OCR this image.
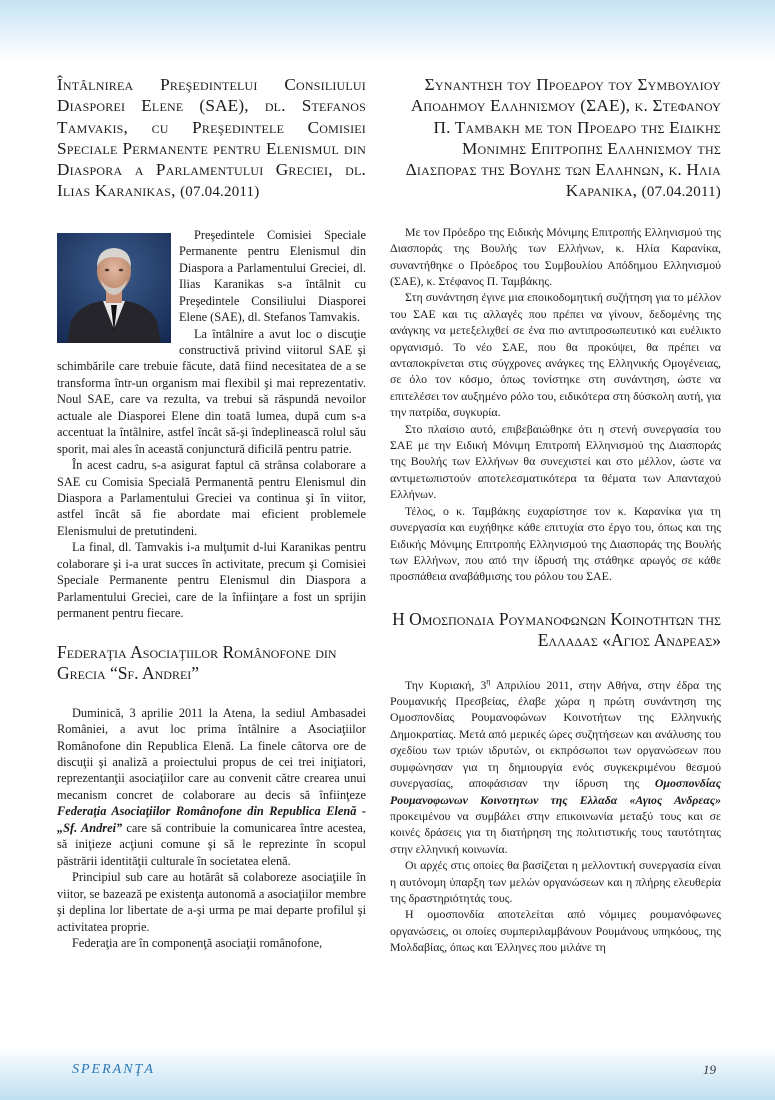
Întâlnirea Preşedintelui Consiliului Diasporei Elene (SAE), dl. Stefanos Tamvakis, cu Preşedintele Comisiei Speciale Permanente pentru Elenismul din Diaspora a Parlamentului Greciei, dl. Ilias Karanikas, (07.04.2011)

Preşedintele Comisiei Speciale Permanente pentru Elenismul din Diaspora a Parlamentului Greciei, dl. Ilias Karanikas s-a întâlnit cu Preşedintele Consiliului Diasporei Elene (SAE), dl. Stefanos Tamvakis.

La întâlnire a avut loc o discuţie constructivă privind viitorul SAE şi schimbările care trebuie făcute, dată fiind necesitatea de a se transforma într-un organism mai flexibil şi mai reprezentativ. Noul SAE, care va rezulta, va trebui să răspundă nevoilor actuale ale Diasporei Elene din toată lumea, după cum s-a accentuat la întâlnire, astfel încât să-şi îndeplinească rolul său sporit, mai ales în această conjunctură dificilă pentru patrie.

În acest cadru, s-a asigurat faptul că strânsa colaborare a SAE cu Comisia Specială Permanentă pentru Elenismul din Diaspora a Parlamentului Greciei va continua şi în viitor, astfel încât să fie abordate mai eficient problemele Elenismului de pretutindeni.

La final, dl. Tamvakis i-a mulţumit d-lui Karanikas pentru colaborare şi i-a urat succes în activitate, precum şi Comisiei Speciale Permanente pentru Elenismul din Diaspora a Parlamentului Greciei, care de la înfiinţare a fost un sprijin permanent pentru fiecare.

Federaţia Asociaţiilor Românofone din Grecia “Sf. Andrei”

Duminică, 3 aprilie 2011 la Atena, la sediul Ambasadei României, a avut loc prima întâlnire a Asociaţiilor Românofone din Republica Elenă. La finele câtorva ore de discuţii şi analiză a proiectului propus de cei trei iniţiatori, reprezentanţii asociaţiilor care au convenit către crearea unui mecanism concret de colaborare au decis să înfiinţeze Federaţia Asociaţiilor Românofone din Republica Elenă - „Sf. Andrei” care să contribuie la comunicarea între acestea, să iniţieze acţiuni comune şi să le reprezinte în scopul păstrării identităţii culturale în societatea elenă.

Principiul sub care au hotărât să colaboreze asociaţiile în viitor, se bazează pe existenţa autonomă a asociaţiilor membre şi deplina lor libertate de a-şi urma pe mai departe profilul şi activitatea proprie.

Federaţia are în componenţă asociaţii românofone,

Συναντηση του Προεδρου του Συμβουλιου Αποδημου Ελληνισμου (ΣΑΕ), κ. Στεφανου Π. Ταμβακη με τον Προεδρο της Ειδικης Μονιμης Επιτροπης Ελληνισμου της Διασπορας της Βουλης των Ελληνων, κ. Ηλια Καρανικα, (07.04.2011)

Με τον Πρόεδρο της Ειδικής Μόνιμης Επιτροπής Ελληνισμού της Διασποράς της Βουλής των Ελλήνων, κ. Ηλία Καρανίκα, συναντήθηκε ο Πρόεδρος του Συμβουλίου Απόδημου Ελληνισμού (ΣΑΕ), κ. Στέφανος Π. Ταμβάκης.

Στη συνάντηση έγινε μια εποικοδομητική συζήτηση για το μέλλον του ΣΑΕ και τις αλλαγές που πρέπει να γίνουν, δεδομένης της ανάγκης να μετεξελιχθεί σε ένα πιο αντιπροσωπευτικό και ευέλικτο οργανισμό. Το νέο ΣΑΕ, που θα προκύψει, θα πρέπει να ανταποκρίνεται στις σύγχρονες ανάγκες της Ελληνικής Ομογένειας, σε όλο τον κόσμο, όπως τονίστηκε στη συνάντηση, ώστε να επιτελέσει τον αυξημένο ρόλο του, ειδικότερα στη δύσκολη αυτή, για την πατρίδα, συγκυρία.

Στο πλαίσιο αυτό, επιβεβαιώθηκε ότι η στενή συνεργασία του ΣΑΕ με την Ειδική Μόνιμη Επιτροπή Ελληνισμού της Διασποράς της Βουλής των Ελλήνων θα συνεχιστεί και στο μέλλον, ώστε να αντιμετωπιστούν αποτελεσματικότερα τα θέματα των Απανταχού Ελλήνων.

Τέλος, ο κ. Ταμβάκης ευχαρίστησε τον κ. Καρανίκα για τη συνεργασία και ευχήθηκε κάθε επιτυχία στο έργο του, όπως και της Ειδικής Μόνιμης Επιτροπής Ελληνισμού της Διασποράς της Βουλής των Ελλήνων, που από την ίδρυσή της στάθηκε αρωγός σε κάθε προσπάθεια αναβάθμισης του ρόλου του ΣΑΕ.

Η Ομοσπονδια Ρουμανοφωνων Κοινοτητων της Ελλαδας «Αγιος Ανδρεας»

Την Κυριακή, $3^\eta$ Απριλίου 2011, στην Αθήνα, στην έδρα της Ρουμανικής Πρεσβείας, έλαβε χώρα η πρώτη συνάντηση της Ομοσπονδίας Ρουμανοφώνων Κοινοτήτων της Ελληνικής Δημοκρατίας. Μετά από μερικές ώρες συζητήσεων και ανάλυσης του σχεδίου των τριών ιδρυτών, οι εκπρόσωποι των οργανώσεων που συμφώνησαν για τη δημιουργία ενός συγκεκριμένου θεσμού συνεργασίας, αποφάσισαν την ίδρυση της Ομοσπονδίας Ρουμανοφωνων Κοινοτητων της Ελλαδα «Αγιος Ανδρεας» προκειμένου να συμβάλει στην επικοινωνία μεταξύ τους και σε κοινές δράσεις για τη διατήρηση της πολιτιστικής τους ταυτότητας στην ελληνική κοινωνία.

Οι αρχές στις οποίες θα βασίζεται η μελλοντική συνεργασία είναι η αυτόνομη ύπαρξη των μελών οργανώσεων και η πλήρης ελευθερία της δραστηριότητάς τους.

Η ομοσπονδία αποτελείται από νόμιμες ρουμανόφωνες οργανώσεις, οι οποίες συμπεριλαμβάνουν Ρουμάνους υπηκόους, της Μολδαβίας, όπως και Έλληνες που μιλάνε τη

SPERANŢA	19
